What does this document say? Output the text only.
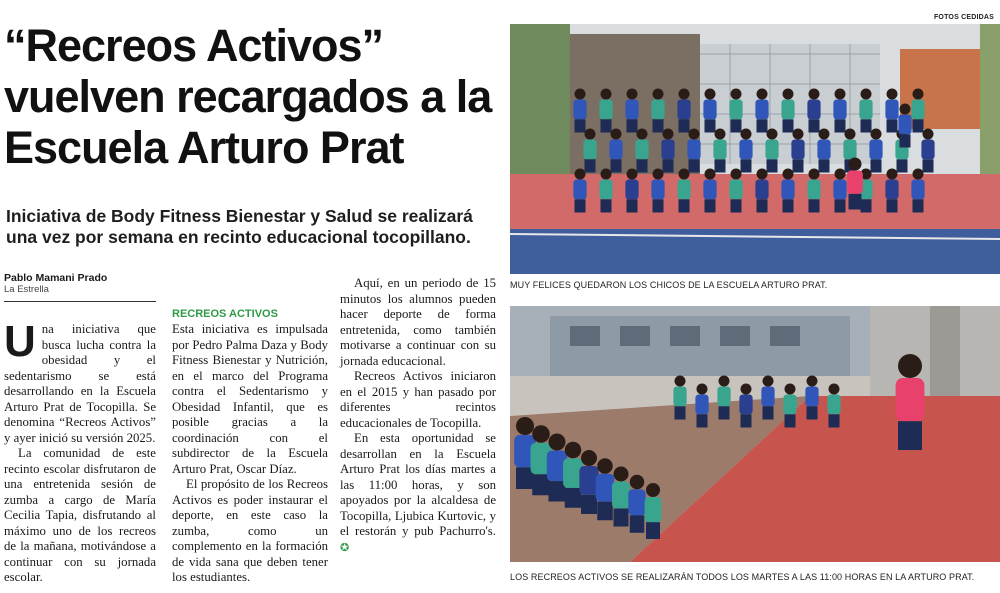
FOTOS CEDIDAS
“Recreos Activos” vuelven recargados a la Escuela Arturo Prat

Iniciativa de Body Fitness Bienestar y Salud se realizará una vez por semana en recinto educacional tocopillano.

Pablo Mamani Prado
La Estrella

Una iniciativa que busca lucha contra la obesidad y el sedentarismo se está desarrollando en la Escuela Arturo Prat de Tocopilla. Se denomina “Recreos Activos” y ayer inició su versión 2025.

La comunidad de este recinto escolar disfrutaron de una entretenida sesión de zumba a cargo de María Cecilia Tapia, disfrutando al máximo uno de los recreos de la mañana, motivándose a continuar con su jornada escolar.

RECREOS ACTIVOS

Esta iniciativa es impulsada por Pedro Palma Daza y Body Fitness Bienestar y Nutrición, en el marco del Programa contra el Sedentarismo y Obesidad Infantil, que es posible gracias a la coordinación con el subdirector de la Escuela Arturo Prat, Oscar Díaz.

El propósito de los Recreos Activos es poder instaurar el deporte, en este caso la zumba, como un complemento en la formación de vida sana que deben tener los estudiantes.

Aquí, en un periodo de 15 minutos los alumnos pueden hacer deporte de forma entretenida, como también motivarse a continuar con su jornada educacional.

Recreos Activos iniciaron en el 2015 y han pasado por diferentes recintos educacionales de Tocopilla.

En esta oportunidad se desarrollan en la Escuela Arturo Prat los días martes a las 11:00 horas, y son apoyados por la alcaldesa de Tocopilla, Ljubica Kurtovic, y el restorán y pub Pachurro's. ✪

MUY FELICES QUEDARON LOS CHICOS DE LA ESCUELA ARTURO PRAT.
LOS RECREOS ACTIVOS SE REALIZARÁN TODOS LOS MARTES A LAS 11:00 HORAS EN LA ARTURO PRAT.
